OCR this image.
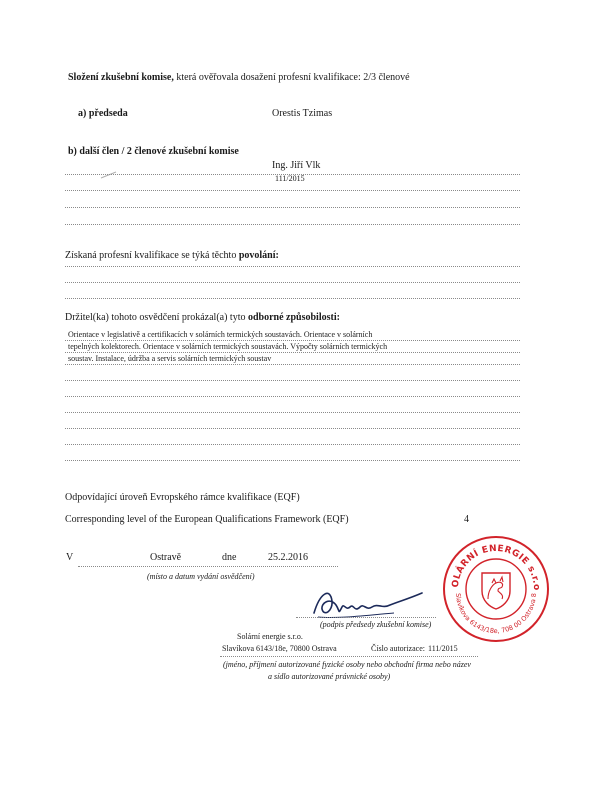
Složení zkušební komise, která ověřovala dosažení profesní kvalifikace: 2/3 členové
a) předseda	Orestis Tzimas
b) další člen / 2 členové zkušební komise
Ing. Jiří Vlk
111/2015
Získaná profesní kvalifikace se týká těchto povolání:
Držitel(ka) tohoto osvědčení prokázal(a) tyto odborné způsobilosti:
Orientace v legislativě a certifikacích v solárních termických soustavách. Orientace v solárních
tepelných kolektorech. Orientace v solárních termických soustavách. Výpočty solárních termických
soustav. Instalace, údržba a servis solárních termických soustav
Odpovídající úroveň Evropského rámce kvalifikace (EQF)
Corresponding level of the European Qualifications Framework (EQF)	4
V	Ostravě	dne	25.2.2016
(místo a datum vydání osvědčení)
(podpis předsedy zkušební komise)
Solární energie s.r.o.
Slavíkova 6143/18e, 70800 Ostrava	Číslo autorizace: 111/2015
(jméno, příjmení autorizované fyzické osoby nebo obchodní firma nebo název
a sídlo autorizované právnické osoby)
OLÁRNÍ ENERGIE s.r.o
Slavíkova 6143/18e, 708 00 Ostrava 8
